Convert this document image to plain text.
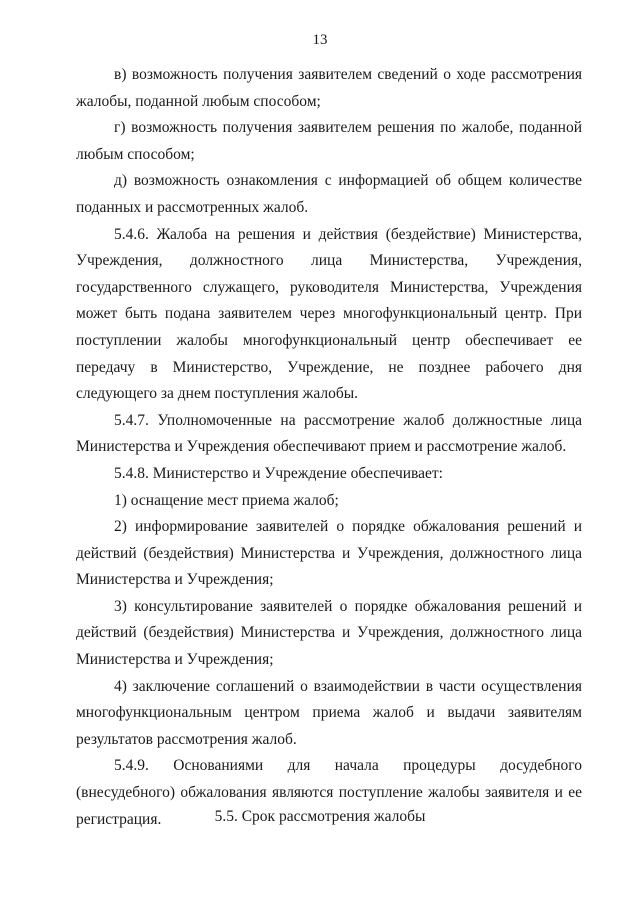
13

в) возможность получения заявителем сведений о ходе рассмотрения жалобы, поданной любым способом;

г) возможность получения заявителем решения по жалобе, поданной любым способом;

д) возможность ознакомления с информацией об общем количестве поданных и рассмотренных жалоб.

5.4.6. Жалоба на решения и действия (бездействие) Министерства, Учреждения, должностного лица Министерства, Учреждения, государственного служащего, руководителя Министерства, Учреждения может быть подана заявителем через многофункциональный центр. При поступлении жалобы многофункциональный центр обеспечивает ее передачу в Министерство, Учреждение, не позднее рабочего дня следующего за днем поступления жалобы.

5.4.7. Уполномоченные на рассмотрение жалоб должностные лица Министерства и Учреждения обеспечивают прием и рассмотрение жалоб.

5.4.8. Министерство и Учреждение обеспечивает:

1) оснащение мест приема жалоб;

2) информирование заявителей о порядке обжалования решений и действий (бездействия) Министерства и Учреждения, должностного лица Министерства и Учреждения;

3) консультирование заявителей о порядке обжалования решений и действий (бездействия) Министерства и Учреждения, должностного лица Министерства и Учреждения;

4) заключение соглашений о взаимодействии в части осуществления многофункциональным центром приема жалоб и выдачи заявителям результатов рассмотрения жалоб.

5.4.9. Основаниями для начала процедуры досудебного (внесудебного) обжалования являются поступление жалобы заявителя и ее регистрация.	5.5. Срок рассмотрения жалобы
